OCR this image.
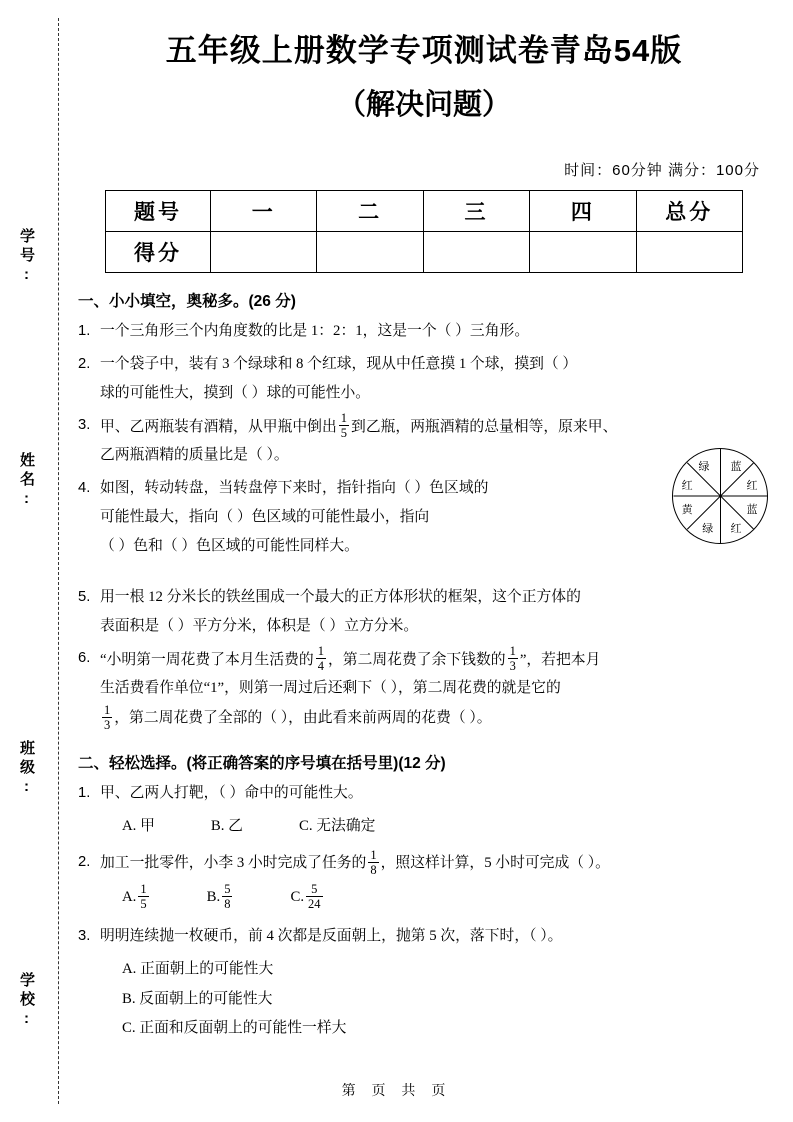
学号:
姓名:
班级:
学校:
五年级上册数学专项测试卷青岛54版
（解决问题）
时间：60分钟 满分：100分
题号	一	二	三	四	总分
得分					
一、小小填空，奥秘多。(26 分)
1. 一个三角形三个内角度数的比是 1：2：1，这是一个（ ）三角形。
2. 一个袋子中，装有 3 个绿球和 8 个红球，现从中任意摸 1 个球，摸到（ ）
球的可能性大，摸到（ ）球的可能性小。
3. 甲、乙两瓶装有酒精，从甲瓶中倒出 $\frac{1}{5}$ 到乙瓶，两瓶酒精的总量相等，原来甲、
乙两瓶酒精的质量比是（ ）。
4. 如图，转动转盘，当转盘停下来时，指针指向（ ）色区域的
可能性最大，指向（ ）色区域的可能性最小，指向
（ ）色和（ ）色区域的可能性同样大。
绿 蓝
红
蓝
红
绿
黄
红
5. 用一根 12 分米长的铁丝围成一个最大的正方体形状的框架，这个正方体的
表面积是（ ）平方分米，体积是（ ）立方分米。
6. “小明第一周花费了本月生活费的 $\frac{1}{4}$ ，第二周花费了余下钱数的 $\frac{1}{3}$ ”，若把本月
生活费看作单位“1”，则第一周过后还剩下（ ），第二周花费的就是它的

$\frac{1}{3}$ ，第二周花费了全部的（ ），由此看来前两周的花费（ ）。
二、轻松选择。(将正确答案的序号填在括号里)(12 分)
1. 甲、乙两人打靶，（ ）命中的可能性大。
A. 甲	B. 乙	C. 无法确定
2. 加工一批零件，小李 3 小时完成了任务的 $\frac{1}{8}$ ，照这样计算，5 小时可完成（ ）。
A. $\frac{1}{5}$	B. $\frac{5}{8}$	C. $\frac{5}{24}$
3. 明明连续抛一枚硬币，前 4 次都是反面朝上，抛第 5 次，落下时，（ ）。
A. 正面朝上的可能性大
B. 反面朝上的可能性大
C. 正面和反面朝上的可能性一样大
第 页 共 页
